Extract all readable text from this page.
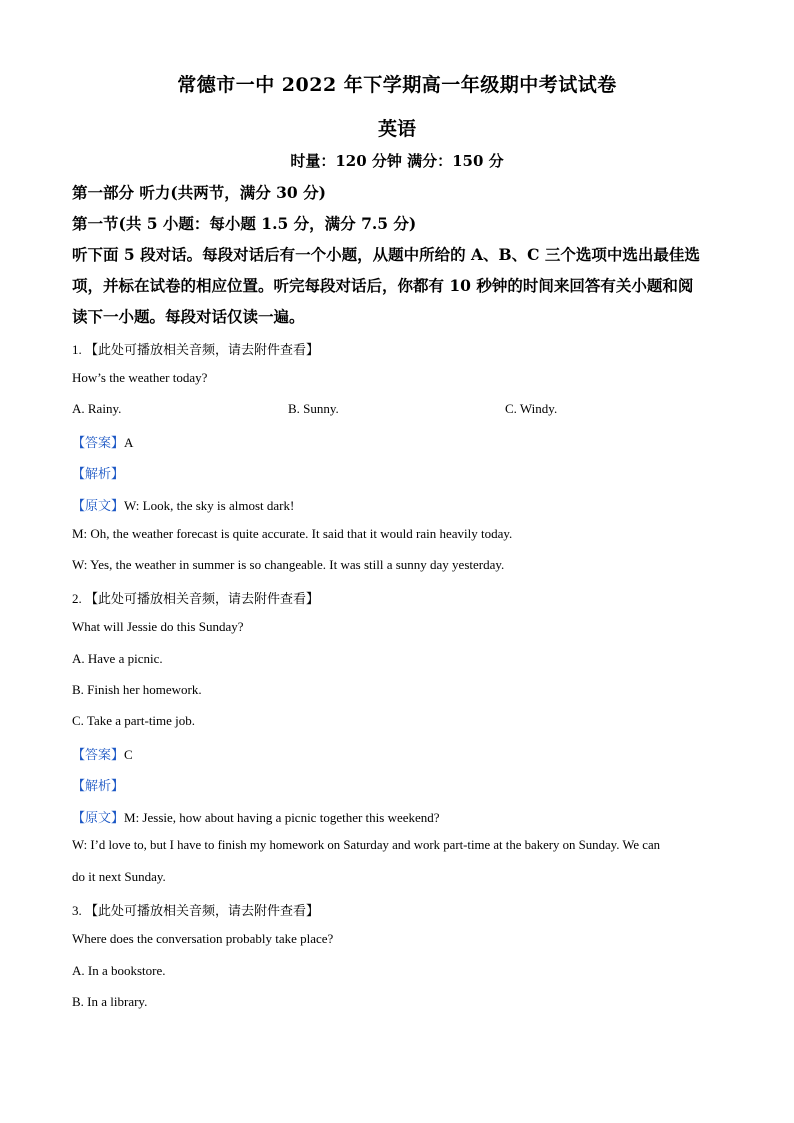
常德市一中 2022 年下学期高一年级期中考试试卷
英语
时量：120 分钟 满分：150 分
第一部分 听力(共两节，满分 30 分)
第一节(共 5 小题：每小题 1.5 分，满分 7.5 分)
听下面 5 段对话。每段对话后有一个小题，从题中所给的 A、B、C 三个选项中选出最佳选
项，并标在试卷的相应位置。听完每段对话后，你都有 10 秒钟的时间来回答有关小题和阅
读下一小题。每段对话仅读一遍。
1. 【此处可播放相关音频，请去附件查看】
How’s the weather today?
A. Rainy.	B. Sunny.	C. Windy.
【答案】A
【解析】
【原文】W: Look, the sky is almost dark!
M: Oh, the weather forecast is quite accurate. It said that it would rain heavily today.
W: Yes, the weather in summer is so changeable. It was still a sunny day yesterday.
2. 【此处可播放相关音频，请去附件查看】
What will Jessie do this Sunday?
A. Have a picnic.
B. Finish her homework.
C. Take a part-time job.
【答案】C
【解析】
【原文】M: Jessie, how about having a picnic together this weekend?
W: I’d love to, but I have to finish my homework on Saturday and work part-time at the bakery on Sunday. We can
do it next Sunday.
3. 【此处可播放相关音频，请去附件查看】
Where does the conversation probably take place?
A. In a bookstore.
B. In a library.
